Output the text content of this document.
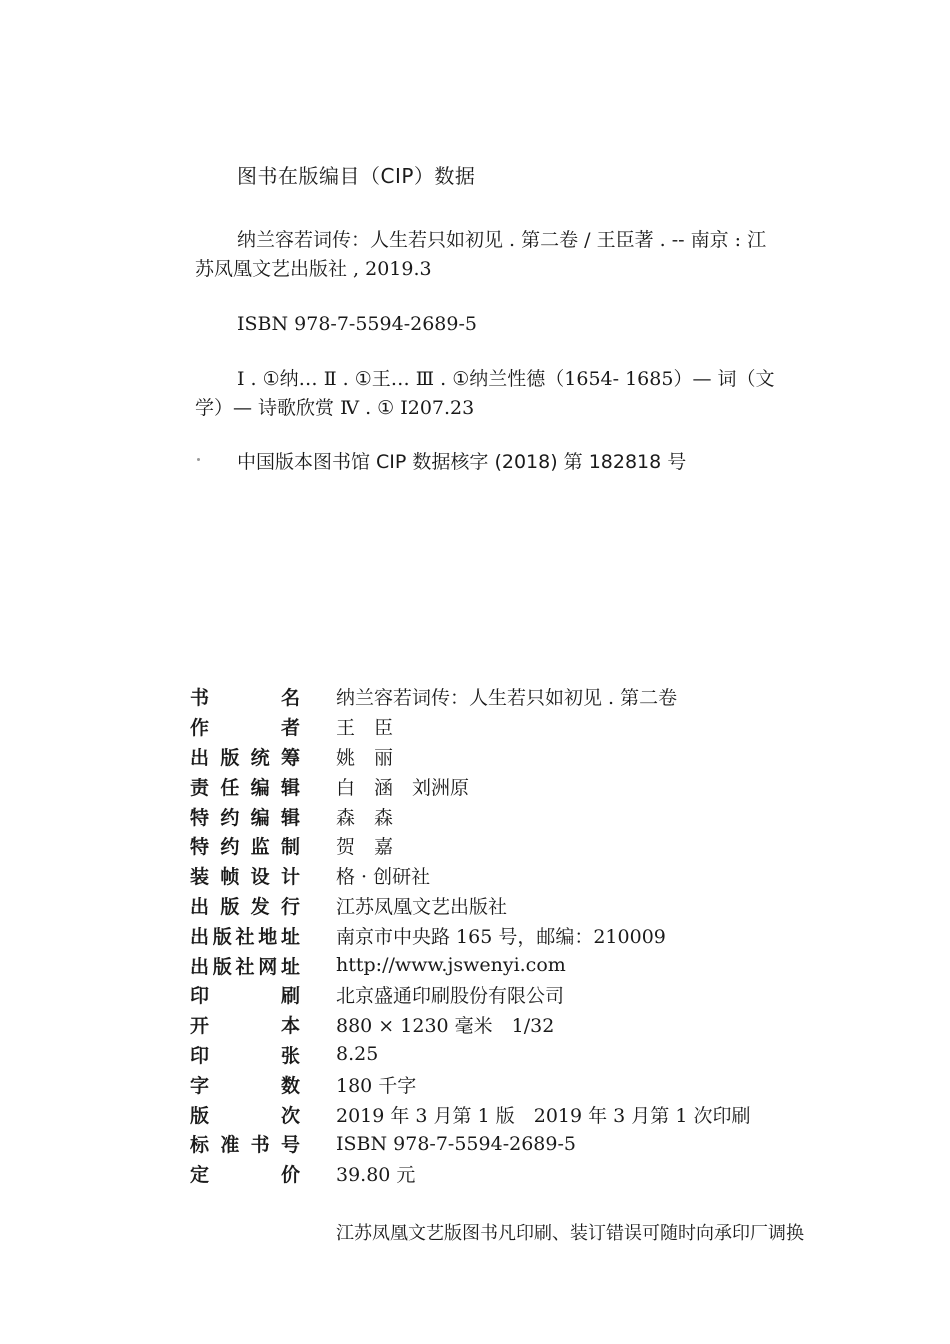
图书在版编目（CIP）数据

纳兰容若词传：人生若只如初见 . 第二卷 / 王臣著 . -- 南京 : 江苏凤凰文艺出版社 , 2019.3

ISBN 978-7-5594-2689-5

Ⅰ . ①纳… Ⅱ . ①王… Ⅲ . ①纳兰性德（1654- 1685）— 词（文学）— 诗歌欣赏 Ⅳ . ① I207.23

中国版本图书馆 CIP 数据核字 (2018) 第 182818 号
书	名 纳兰容若词传：人生若只如初见 . 第二卷
作	者 王　臣
出 版 统 筹 姚　丽
责 任 编 辑 白　涵　刘洲原
特 约 编 辑 森　森
特 约 监 制 贺　嘉
装 帧 设 计 格 · 创研社
出 版 发 行 江苏凤凰文艺出版社
出 版 社 地 址 南京市中央路 165 号，邮编：210009
出 版 社 网 址 http://www.jswenyi.com
印	刷 北京盛通印刷股份有限公司
开	本 880 × 1230 毫米　1/32
印	张 8.25
字	数 180 千字
版	次 2019 年 3 月第 1 版　2019 年 3 月第 1 次印刷
标 准 书 号 ISBN 978-7-5594-2689-5
定	价 39.80 元
江苏凤凰文艺版图书凡印刷、装订错误可随时向承印厂调换
